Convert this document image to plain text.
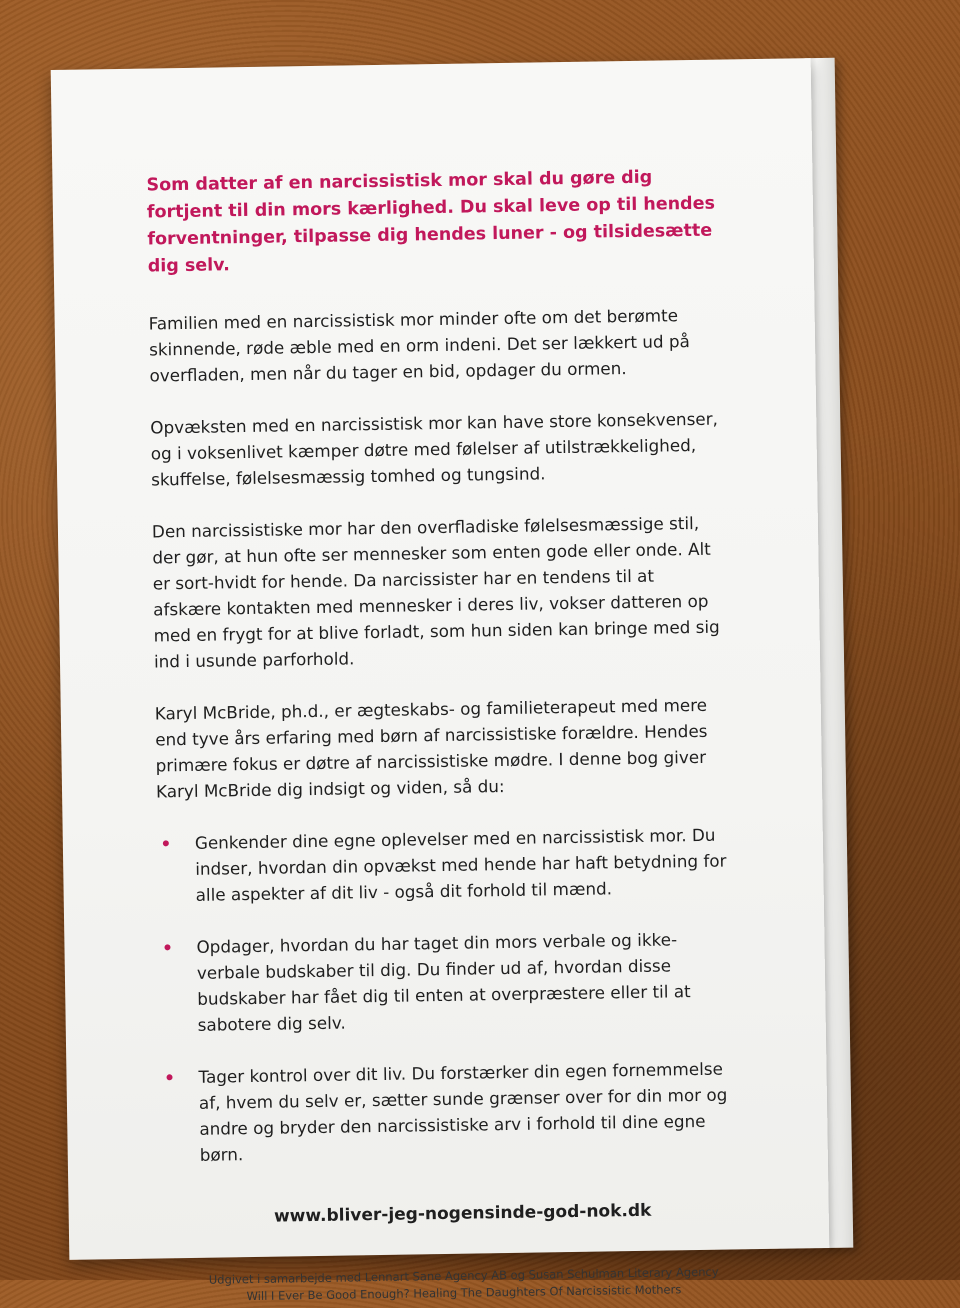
Som datter af en narcissistisk mor skal du gøre dig fortjent til din mors kærlighed. Du skal leve op til hendes forventninger, tilpasse dig hendes luner - og tilsidesætte dig selv.

Familien med en narcissistisk mor minder ofte om det berømte skinnende, røde æble med en orm indeni. Det ser lækkert ud på overfladen, men når du tager en bid, opdager du ormen.

Opvæksten med en narcissistisk mor kan have store konsekvenser, og i voksenlivet kæmper døtre med følelser af utilstrækkelighed, skuffelse, følelsesmæssig tomhed og tungsind.

Den narcissistiske mor har den overfladiske følelsesmæssige stil, der gør, at hun ofte ser mennesker som enten gode eller onde. Alt er sort-hvidt for hende. Da narcissister har en tendens til at afskære kontakten med mennesker i deres liv, vokser datteren op med en frygt for at blive forladt, som hun siden kan bringe med sig ind i usunde parforhold.

Karyl McBride, ph.d., er ægteskabs- og familieterapeut med mere end tyve års erfaring med børn af narcissistiske forældre. Hendes primære fokus er døtre af narcissistiske mødre. I denne bog giver Karyl McBride dig indsigt og viden, så du:

Genkender dine egne oplevelser med en narcissistisk mor. Du indser, hvordan din opvækst med hende har haft betydning for alle aspekter af dit liv - også dit forhold til mænd.
Opdager, hvordan du har taget din mors verbale og ikke-verbale budskaber til dig. Du finder ud af, hvordan disse budskaber har fået dig til enten at overpræstere eller til at sabotere dig selv.
Tager kontrol over dit liv. Du forstærker din egen fornemmelse af, hvem du selv er, sætter sunde grænser over for din mor og andre og bryder den narcissistiske arv i forhold til dine egne børn.
www.bliver-jeg-nogensinde-god-nok.dk
Udgivet i samarbejde med Lennart Sane Agency AB og Susan Schulman Literary Agency
Will I Ever Be Good Enough? Healing The Daughters Of Narcissistic Mothers
